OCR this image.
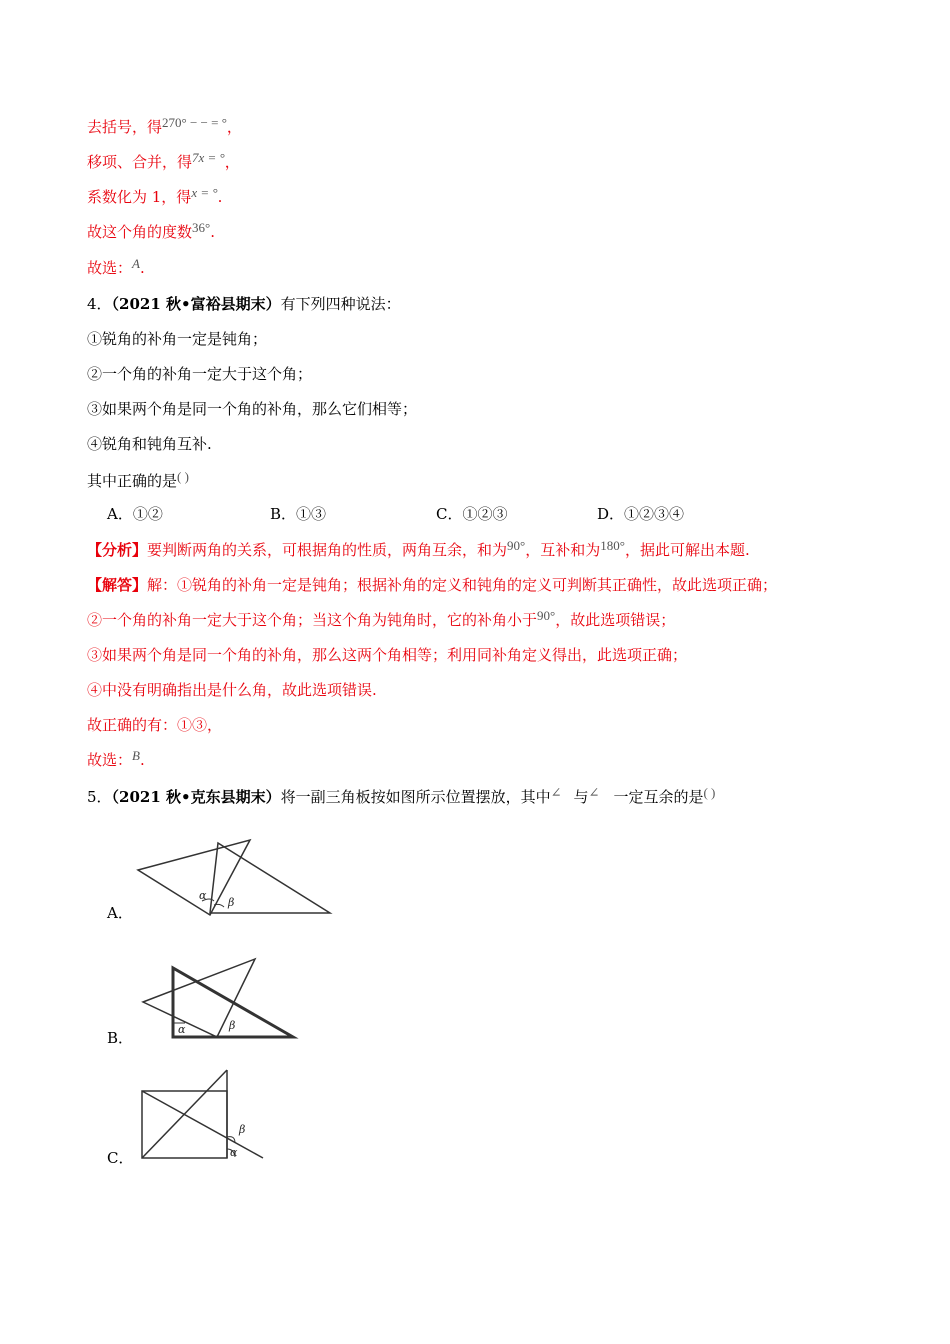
去括号，得270° − − = °，
移项、合并，得7x = °，
系数化为 1，得x = °.
故这个角的度数36°.
故选：A.
4．（2021 秋•富裕县期末）有下列四种说法：
①锐角的补角一定是钝角；
②一个角的补角一定大于这个角；
③如果两个角是同一个角的补角，那么它们相等；
④锐角和钝角互补.
其中正确的是( )
A．①②	B．①③	C．①②③	D．①②③④
【分析】要判断两角的关系，可根据角的性质，两角互余，和为90°，互补和为180°，据此可解出本题.
【解答】解：①锐角的补角一定是钝角；根据补角的定义和钝角的定义可判断其正确性，故此选项正确；
②一个角的补角一定大于这个角；当这个角为钝角时，它的补角小于90°，故此选项错误；
③如果两个角是同一个角的补角，那么这两个角相等；利用同补角定义得出，此选项正确；
④中没有明确指出是什么角，故此选项错误.
故正确的有：①③，
故选：B.
5．（2021 秋•克东县期末）将一副三角板按如图所示位置摆放，其中∠ 与∠ 一定互余的是( )
A．
α
β
B．	α	β
C．
β
α
